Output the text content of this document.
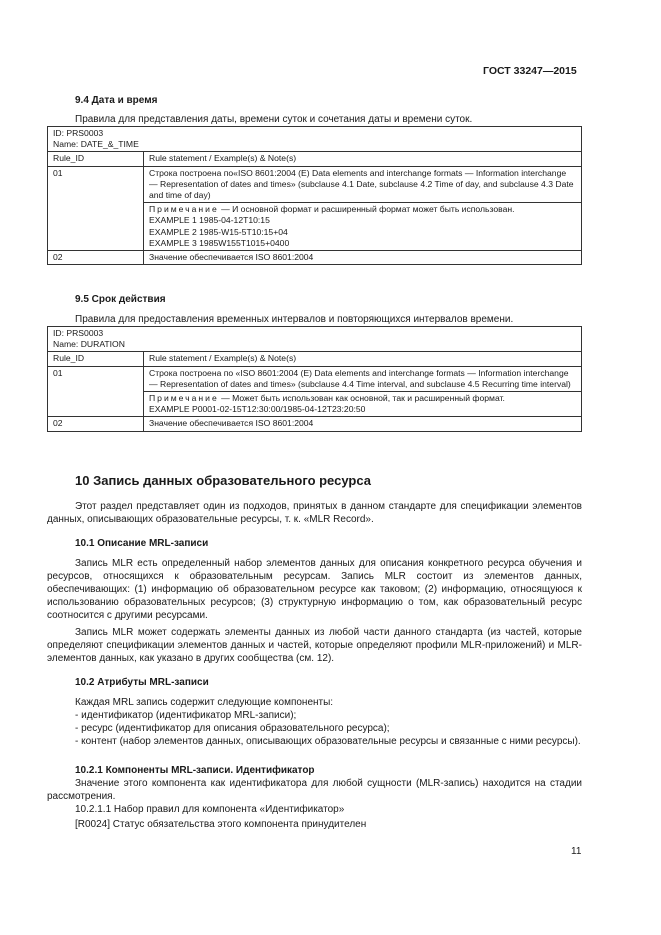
ГОСТ 33247—2015
9.4 Дата и время
Правила для представления даты, времени суток и сочетания даты и времени суток.
ID: PRS0003
Name: DATE_&_TIME	

Rule_ID	Rule statement / Example(s) & Note(s)
01	Строка построена по«ISO 8601:2004 (E) Data elements and interchange formats — Information interchange — Representation of dates and times» (subclause 4.1 Date, subclause 4.2 Time of day, and subclause 4.3 Date and time of day)

	Примечание — И основной формат и расширенный формат может быть использован.
EXAMPLE 1 1985-04-12T10:15
EXAMPLE 2 1985-W15-5T10:15+04
EXAMPLE 3 1985W155T1015+0400

02	Значение обеспечивается ISO 8601:2004
9.5 Срок действия
Правила для предоставления временных интервалов и повторяющихся интервалов времени.
ID: PRS0003
Name: DURATION	

Rule_ID	Rule statement / Example(s) & Note(s)
01	Строка построена по «ISO 8601:2004 (E) Data elements and interchange formats — Information interchange — Representation of dates and times» (subclause 4.4 Time interval, and subclause 4.5 Recurring time interval)

	Примечание — Может быть использован как основной, так и расширенный формат.
EXAMPLE P0001-02-15T12:30:00/1985-04-12T23:20:50

02	Значение обеспечивается ISO 8601:2004
10 Запись данных образовательного ресурса
Этот раздел представляет один из подходов, принятых в данном стандарте для спецификации элементов данных, описывающих образовательные ресурсы, т. к. «MLR Record».
10.1 Описание MRL-записи
Запись MLR есть определенный набор элементов данных для описания конкретного ресурса обучения и ресурсов, относящихся к образовательным ресурсам. Запись MLR состоит из элементов данных, обеспечивающих: (1) информацию об образовательном ресурсе как таковом; (2) информацию, относящуюся к использованию образовательных ресурсов; (3) структурную информацию о том, как образовательный ресурс соотносится с другими ресурсами.
Запись MLR может содержать элементы данных из любой части данного стандарта (из частей, которые определяют спецификации элементов данных и частей, которые определяют профили MLR-приложений) и MLR-элементов данных, как указано в других сообщества (см. 12).
10.2 Атрибуты MRL-записи
Каждая MRL запись содержит следующие компоненты:
- идентификатор (идентификатор MRL-записи);
- ресурс (идентификатор для описания образовательного ресурса);
- контент (набор элементов данных, описывающих образовательные ресурсы и связанные с ними ресурсы).
10.2.1 Компоненты MRL-записи. Идентификатор
Значение этого компонента как идентификатора для любой сущности (MLR-запись) находится на стадии рассмотрения.
10.2.1.1 Набор правил для компонента «Идентификатор»
[R0024] Статус обязательства этого компонента принудителен
11
